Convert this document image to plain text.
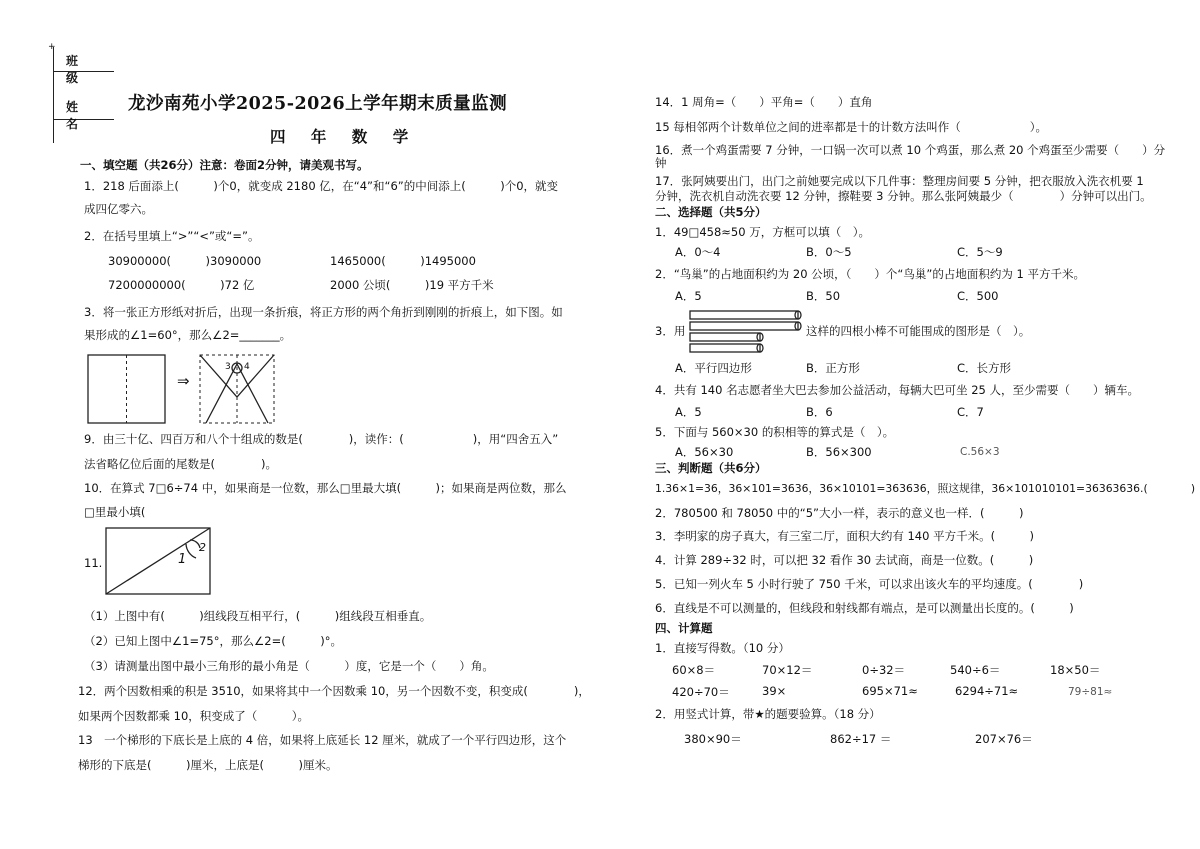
+
班 级
姓 名
龙沙南苑小学2025-2026上学年期末质量监测
四 年 数 学
一、填空题（共26分）注意：卷面2分钟，请美观书写。
1．218 后面添上(　　　)个0，就变成 2180 亿，在“4”和“6”的中间添上(　　　)个0，就变
成四亿零六。
2．在括号里填上“>”“<”或“=”。
30900000(　　　)3090000	1465000(　　　)1495000
7200000000(　　　)72 亿	2000 公顷(　　　)19 平方千米
3．将一张正方形纸对折后，出现一条折痕，将正方形的两个角折到刚刚的折痕上，如下图。如
果形成的∠1=60°，那么∠2=_______。
⇒
3 4
9．由三十亿、四百万和八个十组成的数是(　　　　)，读作：(　　　　　　)，用“四舍五入”
法省略亿位后面的尾数是(　　　　)。
10．在算式 7□6÷74 中，如果商是一位数，那么□里最大填(　　　)；如果商是两位数，那么
□里最小填(
11.	1
2
（1）上图中有(　　　)组线段互相平行，(　　　)组线段互相垂直。
（2）已知上图中∠1=75°，那么∠2=(　　　)°。
（3）请测量出图中最小三角形的最小角是（　　　）度，它是一个（　　）角。
12．两个因数相乘的积是 3510，如果将其中一个因数乘 10，另一个因数不变，积变成(　　　　)，
如果两个因数都乘 10，积变成了（　　　）。
13　一个梯形的下底长是上底的 4 倍，如果将上底延长 12 厘米，就成了一个平行四边形，这个
梯形的下底是(　　　)厘米，上底是(　　　)厘米。
14．1 周角=（　　）平角=（　　）直角
15 每相邻两个计数单位之间的进率都是十的计数方法叫作（　　　　　　）。
16．煮一个鸡蛋需要 7 分钟，一口锅一次可以煮 10 个鸡蛋，那么煮 20 个鸡蛋至少需要（　　）分
钟
17．张阿姨要出门，出门之前她要完成以下几件事：整理房间要 5 分钟，把衣服放入洗衣机要 1
分钟，洗衣机自动洗衣要 12 分钟，擦鞋要 3 分钟。那么张阿姨最少（　　　　）分钟可以出门。
二、选择题（共5分）
1．49□458≈50 万，方框可以填（　）。
A．0～4	B．0～5	C．5～9
2．“鸟巢”的占地面积约为 20 公顷，（　　）个“鸟巢”的占地面积约为 1 平方千米。
A．5	B．50	C．500
3．用	这样的四根小棒不可能围成的图形是（　）。
A．平行四边形	B．正方形	C．长方形
4．共有 140 名志愿者坐大巴去参加公益活动，每辆大巴可坐 25 人，至少需要（　　）辆车。
A．5	B．6	C．7
5．下面与 560×30 的积相等的算式是（　）。
A．56×30	B．56×300	C.56×3
三、判断题（共6分）
1.36×1=36，36×101=3636，36×10101=363636，照这规律，36×101010101=36363636.(　　　　)
2．780500 和 78050 中的“5”大小一样，表示的意义也一样．(　　　)
3．李明家的房子真大，有三室二厅，面积大约有 140 平方千米。(　　　)
4．计算 289÷32 时，可以把 32 看作 30 去试商，商是一位数。(　　　)
5．已知一列火车 5 小时行驶了 750 千米，可以求出该火车的平均速度。(　　　　)
6．直线是不可以测量的，但线段和射线都有端点，是可以测量出长度的。(　　　)
四、计算题
1．直接写得数。（10 分）
60×8＝	70×12＝	0÷32＝	540÷6＝	18×50＝
420÷70＝	39×	695×71≈	6294÷71≈	79÷81≈
2．用竖式计算，带★的题要验算。（18 分）
380×90＝	862÷17 ＝	207×76＝
